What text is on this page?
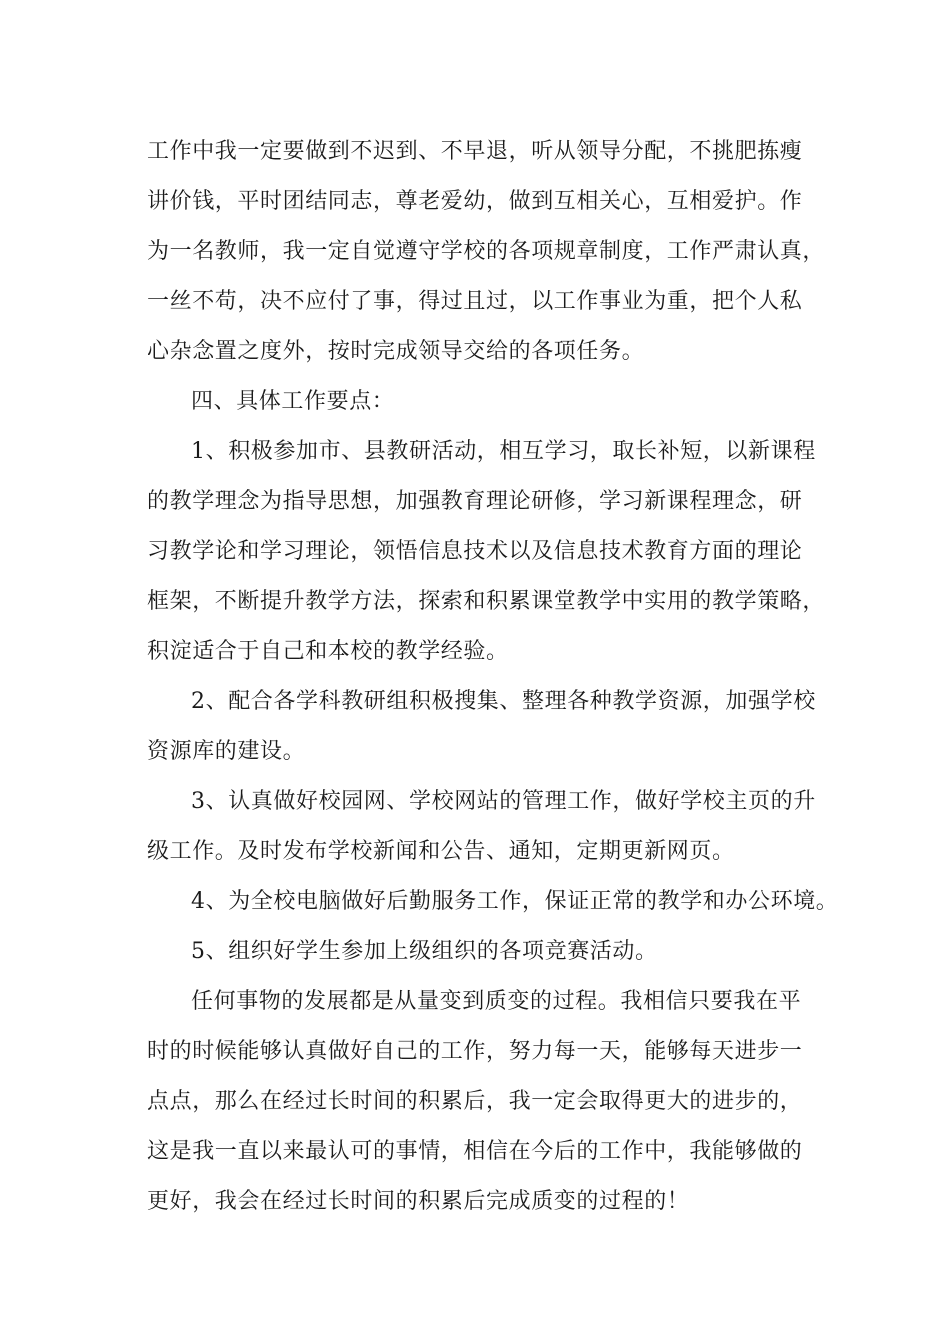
工作中我一定要做到不迟到、不早退，听从领导分配，不挑肥拣瘦
讲价钱，平时团结同志，尊老爱幼，做到互相关心，互相爱护。作
为一名教师，我一定自觉遵守学校的各项规章制度，工作严肃认真，
一丝不苟，决不应付了事，得过且过，以工作事业为重，把个人私
心杂念置之度外，按时完成领导交给的各项任务。
四、具体工作要点：
1、积极参加市、县教研活动，相互学习，取长补短，以新课程
的教学理念为指导思想，加强教育理论研修，学习新课程理念，研
习教学论和学习理论，领悟信息技术以及信息技术教育方面的理论
框架，不断提升教学方法，探索和积累课堂教学中实用的教学策略，
积淀适合于自己和本校的教学经验。
2、配合各学科教研组积极搜集、整理各种教学资源，加强学校
资源库的建设。
3、认真做好校园网、学校网站的管理工作，做好学校主页的升
级工作。及时发布学校新闻和公告、通知，定期更新网页。
4、为全校电脑做好后勤服务工作，保证正常的教学和办公环境。
5、组织好学生参加上级组织的各项竞赛活动。
任何事物的发展都是从量变到质变的过程。我相信只要我在平
时的时候能够认真做好自己的工作，努力每一天，能够每天进步一
点点，那么在经过长时间的积累后，我一定会取得更大的进步的，
这是我一直以来最认可的事情，相信在今后的工作中，我能够做的
更好，我会在经过长时间的积累后完成质变的过程的！
